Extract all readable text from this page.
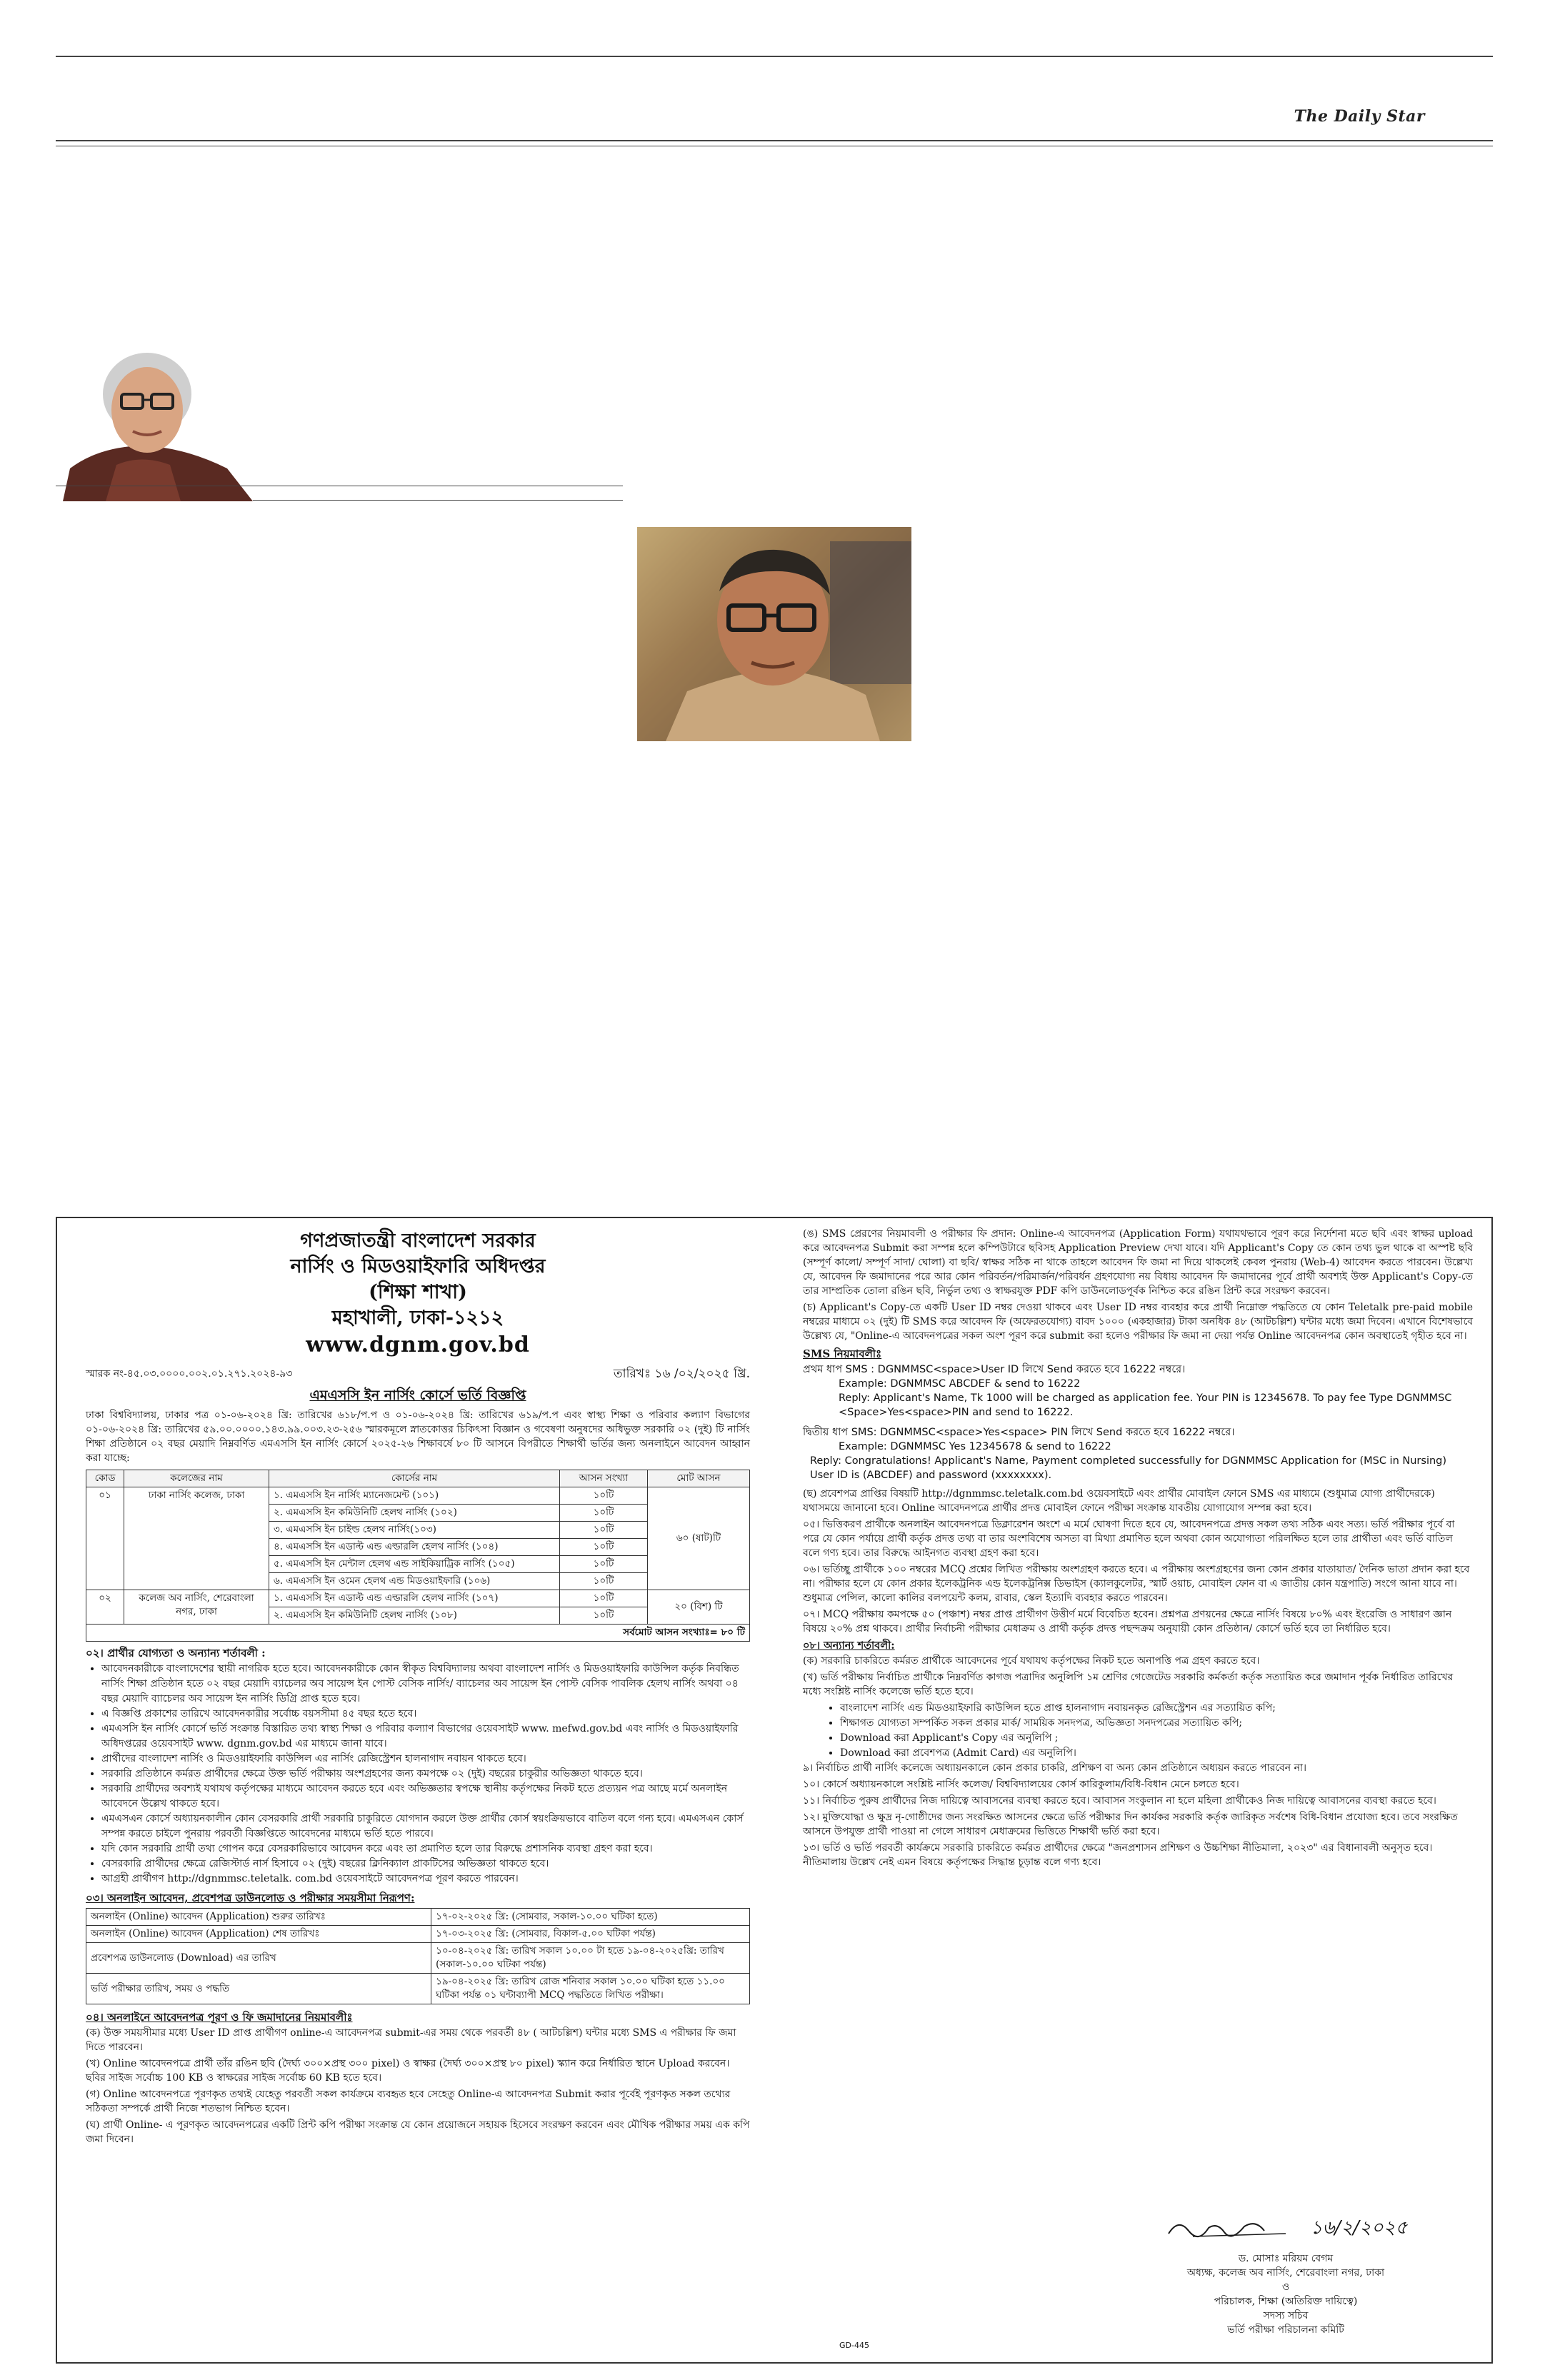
The Daily Star
গণপ্রজাতন্ত্রী বাংলাদেশ সরকার
নার্সিং ও মিডওয়াইফারি অধিদপ্তর
(শিক্ষা শাখা)
মহাখালী, ঢাকা-১২১২
www.dgnm.gov.bd
স্মারক নং-৪৫.০৩.০০০০.০০২.০১.২৭১.২০২৪-৯৩	তারিখঃ ১৬ /০২/২০২৫ খ্রি.
এমএসসি ইন নার্সিং কোর্সে ভর্তি বিজ্ঞপ্তি
ঢাকা বিশ্ববিদ্যালয়, ঢাকার পত্র ০১-০৬-২০২৪ খ্রি: তারিখের ৬১৮/প.প ও ০১-০৬-২০২৪ খ্রি: তারিখের ৬১৯/প.প এবং স্বাস্থ্য শিক্ষা ও পরিবার কল্যাণ বিভাগের ০১-০৬-২০২৪ খ্রি: তারিখের ৫৯.০০.০০০০.১৪৩.৯৯.০০৩.২৩-২৫৬ স্মারকমূলে স্নাতকোত্তর চিকিৎসা বিজ্ঞান ও গবেষণা অনুষদের অধিভুক্ত সরকারি ০২ (দুই) টি নার্সিং শিক্ষা প্রতিষ্ঠানে ০২ বছর মেয়াদি নিম্নবর্ণিত এমএসসি ইন নার্সিং কোর্সে ২০২৫-২৬ শিক্ষাবর্ষে ৮০ টি আসনে বিপরীতে শিক্ষার্থী ভর্তির জন্য অনলাইনে আবেদন আহ্বান করা যাচ্ছে:
কোড	কলেজের নাম	কোর্সের নাম	আসন সংখ্যা	মোট আসন
০১	ঢাকা নার্সিং কলেজ, ঢাকা	১. এমএসসি ইন নার্সিং ম্যানেজমেন্ট (১০১)	১০টি	৬০ (ষাট)টি
		২. এমএসসি ইন কমিউনিটি হেলথ নার্সিং (১০২)	১০টি	
		৩. এমএসসি ইন চাইল্ড হেলথ নার্সিং(১০৩)	১০টি	
		৪. এমএসসি ইন এডাল্ট এন্ড এল্ডারলি হেলথ নার্সিং (১০৪)	১০টি	
		৫. এমএসসি ইন মেন্টাল হেলথ এন্ড সাইকিয়াট্রিক নার্সিং (১০৫)	১০টি	
		৬. এমএসসি ইন ওমেন হেলথ এন্ড মিডওয়াইফারি (১০৬)	১০টি	
০২	কলেজ অব নার্সিং, শেরেবাংলা নগর, ঢাকা	১. এমএসসি ইন এডাল্ট এন্ড এল্ডারলি হেলথ নার্সিং (১০৭)	১০টি	২০ (বিশ) টি
		২. এমএসসি ইন কমিউনিটি হেলথ নার্সিং (১০৮)	১০টি	
সর্বমোট আসন সংখ্যাঃ= ৮০ টি				
০২। প্রার্থীর যোগ্যতা ও অন্যান্য শর্তাবলী :
• আবেদনকারীকে বাংলাদেশের স্থায়ী নাগরিক হতে হবে। আবেদনকারীকে কোন স্বীকৃত বিশ্ববিদ্যালয় অথবা বাংলাদেশ নার্সিং ও মিডওয়াইফারি কাউন্সিল কর্তৃক নিবন্ধিত নার্সিং শিক্ষা প্রতিষ্ঠান হতে ০২ বছর মেয়াদি ব্যাচেলর অব সায়েন্স ইন পোস্ট বেসিক নার্সিং/ ব্যাচেলর অব সায়েন্স ইন পোস্ট বেসিক পাবলিক হেলথ নার্সিং অথবা ০৪ বছর মেয়াদি ব্যাচেলর অব সায়েন্স ইন নার্সিং ডিগ্রি প্রাপ্ত হতে হবে।
• এ বিজ্ঞপ্তি প্রকাশের তারিখে আবেদনকারীর সর্বোচ্চ বয়সসীমা ৪৫ বছর হতে হবে।
• এমএসসি ইন নার্সিং কোর্সে ভর্তি সংক্রান্ত বিস্তারিত তথ্য স্বাস্থ্য শিক্ষা ও পরিবার কল্যাণ বিভাগের ওয়েবসাইট www. mefwd.gov.bd এবং নার্সিং ও মিডওয়াইফারি অধিদপ্তরের ওয়েবসাইট www. dgnm.gov.bd এর মাধ্যমে জানা যাবে।
• প্রার্থীদের বাংলাদেশ নার্সিং ও মিডওয়াইফারি কাউন্সিল এর নার্সিং রেজিস্ট্রেশন হালনাগাদ নবায়ন থাকতে হবে।
• সরকারি প্রতিষ্ঠানে কর্মরত প্রার্থীদের ক্ষেত্রে উক্ত ভর্তি পরীক্ষায় অংশগ্রহণের জন্য কমপক্ষে ০২ (দুই) বছরের চাকুরীর অভিজ্ঞতা থাকতে হবে।
• সরকারি প্রার্থীদের অবশ্যই যথাযথ কর্তৃপক্ষের মাধ্যমে আবেদন করতে হবে এবং অভিজ্ঞতার স্বপক্ষে স্থানীয় কর্তৃপক্ষের নিকট হতে প্রত্যয়ন পত্র আছে মর্মে অনলাইন আবেদনে উল্লেখ থাকতে হবে।
• এমএসএন কোর্সে অধ্যায়নকালীন কোন বেসরকারি প্রার্থী সরকারি চাকুরিতে যোগদান করলে উক্ত প্রার্থীর কোর্স স্বয়ংক্রিয়ভাবে বাতিল বলে গন্য হবে। এমএসএন কোর্স সম্পন্ন করতে চাইলে পুনরায় পরবর্তী বিজ্ঞপ্তিতে আবেদনের মাধ্যমে ভর্তি হতে পারবে।
• যদি কোন সরকারি প্রার্থী তথ্য গোপন করে বেসরকারিভাবে আবেদন করে এবং তা প্রমাণিত হলে তার বিরুদ্ধে প্রশাসনিক ব্যবস্থা গ্রহণ করা হবে।
• বেসরকারি প্রার্থীদের ক্ষেত্রে রেজিস্টার্ড নার্স হিসাবে ০২ (দুই) বছরের ক্লিনিক্যাল প্রাকটিসের অভিজ্ঞতা থাকতে হবে।
• আগ্রহী প্রার্থীগণ http://dgnmmsc.teletalk. com.bd ওয়েবসাইটে আবেদনপত্র পূরণ করতে পারবেন।
০৩। অনলাইন আবেদন, প্রবেশপত্র ডাউনলোড ও পরীক্ষার সময়সীমা নিরূপণ:
অনলাইন (Online) আবেদন (Application) শুরুর তারিখঃ	১৭-০২-২০২৫ খ্রি: (সোমবার, সকাল-১০.০০ ঘটিকা হতে)
অনলাইন (Online) আবেদন (Application) শেষ তারিখঃ	১৭-০৩-২০২৫ খ্রি: (সোমবার, বিকাল-৫.০০ ঘটিকা পর্যন্ত)
প্রবেশপত্র ডাউনলোড (Download) এর তারিখ	১০-০৪-২০২৫ খ্রি: তারিখ সকাল ১০.০০ টা হতে ১৯-০৪-২০২৫খ্রি: তারিখ (সকাল-১০.০০ ঘটিকা পর্যন্ত)
ভর্তি পরীক্ষার তারিখ, সময় ও পদ্ধতি	১৯-০৪-২০২৫ খ্রি: তারিখ রোজ শনিবার সকাল ১০.০০ ঘটিকা হতে ১১.০০ ঘটিকা পর্যন্ত ০১ ঘন্টাব্যাপী MCQ পদ্ধতিতে লিখিত পরীক্ষা।
০৪। অনলাইনে আবেদনপত্র পূরণ ও ফি জমাদানের নিয়মাবলীঃ
(ক) উক্ত সময়সীমার মধ্যে User ID প্রাপ্ত প্রার্থীগণ online-এ আবেদনপত্র submit-এর সময় থেকে পরবর্তী ৪৮ ( আটচল্লিশ) ঘন্টার মধ্যে SMS এ পরীক্ষার ফি জমা দিতে পারবেন।
(খ) Online আবেদনপত্রে প্রার্থী তাঁর রঙিন ছবি (দৈর্ঘ্য ৩০০×প্রস্থ ৩০০ pixel) ও স্বাক্ষর (দৈর্ঘ্য ৩০০×প্রস্থ ৮০ pixel) স্ক্যান করে নির্ধারিত স্থানে Upload করবেন। ছবির সাইজ সর্বোচ্চ 100 KB ও স্বাক্ষরের সাইজ সর্বোচ্চ 60 KB হতে হবে।
(গ) Online আবেদনপত্রে পূরণকৃত তথ্যই যেহেতু পরবর্তী সকল কার্যক্রমে ব্যবহৃত হবে সেহেতু Online-এ আবেদনপত্র Submit করার পূর্বেই পূরণকৃত সকল তথ্যের সঠিকতা সম্পর্কে প্রার্থী নিজে শতভাগ নিশ্চিত হবেন।
(ঘ) প্রার্থী Online- এ পূরণকৃত আবেদনপত্রের একটি প্রিন্ট কপি পরীক্ষা সংক্রান্ত যে কোন প্রয়োজনে সহায়ক হিসেবে সংরক্ষণ করবেন এবং মৌখিক পরীক্ষার সময় এক কপি জমা দিবেন।
(ঙ) SMS প্রেরণের নিয়মাবলী ও পরীক্ষার ফি প্রদান: Online-এ আবেদনপত্র (Application Form) যথাযথভাবে পূরণ করে নির্দেশনা মতে ছবি এবং স্বাক্ষর upload করে আবেদনপত্র Submit করা সম্পন্ন হলে কম্পিউটারে ছবিসহ Application Preview দেখা যাবে। যদি Applicant's Copy তে কোন তথ্য ভুল থাকে বা অস্পষ্ট ছবি (সম্পূর্ণ কালো/ সম্পূর্ণ সাদা/ ঘোলা) বা ছবি/ স্বাক্ষর সঠিক না থাকে তাহলে আবেদন ফি জমা না দিয়ে থাকলেই কেবল পুনরায় (Web-4) আবেদন করতে পারবেন। উল্লেখ্য যে, আবেদন ফি জমাদানের পরে আর কোন পরিবর্তন/পরিমার্জন/পরিবর্ধন গ্রহণযোগ্য নয় বিধায় আবেদন ফি জমাদানের পূর্বে প্রার্থী অবশ্যই উক্ত Applicant's Copy-তে তার সাম্প্রতিক তোলা রঙিন ছবি, নির্ভুল তথ্য ও স্বাক্ষরযুক্ত PDF কপি ডাউনলোডপূর্বক নিশ্চিত করে রঙিন প্রিন্ট করে সংরক্ষণ করবেন।
(চ) Applicant's Copy-তে একটি User ID নম্বর দেওয়া থাকবে এবং User ID নম্বর ব্যবহার করে প্রার্থী নিম্নোক্ত পদ্ধতিতে যে কোন Teletalk pre-paid mobile নম্বরের মাধ্যমে ০২ (দুই) টি SMS করে আবেদন ফি (অফেরতযোগ্য) বাবদ ১০০০ (একহাজার) টাকা অনধিক ৪৮ (আটচল্লিশ) ঘন্টার মধ্যে জমা দিবেন। এখানে বিশেষভাবে উল্লেখ্য যে, "Online-এ আবেদনপত্রের সকল অংশ পূরণ করে submit করা হলেও পরীক্ষার ফি জমা না দেয়া পর্যন্ত Online আবেদনপত্র কোন অবস্থাতেই গৃহীত হবে না।
SMS নিয়মাবলীঃ
প্রথম ধাপ SMS : DGNMMSC<space>User ID লিখে Send করতে হবে 16222 নম্বরে।
Example: DGNMMSC ABCDEF & send to 16222
Reply: Applicant's Name, Tk 1000 will be charged as application fee. Your PIN is 12345678. To pay fee Type DGNMMSC <Space>Yes<space>PIN and send to 16222.
দ্বিতীয় ধাপ SMS: DGNMMSC<space>Yes<space> PIN লিখে Send করতে হবে 16222 নম্বরে।
Example: DGNMMSC Yes 12345678 & send to 16222
Reply: Congratulations! Applicant's Name, Payment completed successfully for DGNMMSC Application for (MSC in Nursing) User ID is (ABCDEF) and password (xxxxxxxx).
(ছ) প্রবেশপত্র প্রাপ্তির বিষয়টি http://dgnmmsc.teletalk.com.bd ওয়েবসাইটে এবং প্রার্থীর মোবাইল ফোনে SMS এর মাধ্যমে (শুধুমাত্র যোগ্য প্রার্থীদেরকে) যথাসময়ে জানানো হবে। Online আবেদনপত্রে প্রার্থীর প্রদত্ত মোবাইল ফোনে পরীক্ষা সংক্রান্ত যাবতীয় যোগাযোগ সম্পন্ন করা হবে।
০৫। ভিত্তিকরণ প্রার্থীকে অনলাইন আবেদনপত্রে ডিক্লারেশন অংশে এ মর্মে ঘোষণা দিতে হবে যে, আবেদনপত্রে প্রদত্ত সকল তথ্য সঠিক এবং সত্য। ভর্তি পরীক্ষার পূর্বে বা পরে যে কোন পর্যায়ে প্রার্থী কর্তৃক প্রদত্ত তথ্য বা তার অংশবিশেষ অসত্য বা মিথ্যা প্রমাণিত হলে অথবা কোন অযোগ্যতা পরিলক্ষিত হলে তার প্রার্থীতা এবং ভর্তি বাতিল বলে গণ্য হবে। তার বিরুদ্ধে আইনগত ব্যবস্থা গ্রহণ করা হবে।
০৬। ভর্তিচ্ছু প্রার্থীকে ১০০ নম্বরের MCQ প্রশ্নের লিখিত পরীক্ষায় অংশগ্রহণ করতে হবে। এ পরীক্ষায় অংশগ্রহণের জন্য কোন প্রকার যাতায়াত/ দৈনিক ভাতা প্রদান করা হবে না। পরীক্ষার হলে যে কোন প্রকার ইলেকট্রনিক এন্ড ইলেকট্রনিক্স ডিভাইস (ক্যালকুলেটর, স্মার্ট ওয়াচ, মোবাইল ফোন বা এ জাতীয় কোন যন্ত্রপাতি) সংগে আনা যাবে না। শুধুমাত্র পেন্সিল, কালো কালির বলপয়েন্ট কলম, রাবার, স্কেল ইত্যাদি ব্যবহার করতে পারবেন।
০৭। MCQ পরীক্ষায় কমপক্ষে ৫০ (পঞ্চাশ) নম্বর প্রাপ্ত প্রার্থীগণ উত্তীর্ণ মর্মে বিবেচিত হবেন। প্রশ্নপত্র প্রণয়নের ক্ষেত্রে নার্সিং বিষয়ে ৮০% এবং ইংরেজি ও সাধারণ জ্ঞান বিষয়ে ২০% প্রশ্ন থাকবে। প্রার্থীর নির্বাচনী পরীক্ষার মেধাক্রম ও প্রার্থী কর্তৃক প্রদত্ত পছন্দক্রম অনুযায়ী কোন প্রতিষ্ঠান/ কোর্সে ভর্তি হবে তা নির্ধারিত হবে।
০৮। অন্যান্য শর্তাবলী:
(ক) সরকারি চাকরিতে কর্মরত প্রার্থীকে আবেদনের পূর্বে যথাযথ কর্তৃপক্ষের নিকট হতে অনাপত্তি পত্র গ্রহণ করতে হবে।
(খ) ভর্তি পরীক্ষায় নির্বাচিত প্রার্থীকে নিম্নবর্ণিত কাগজ পত্রাদির অনুলিপি ১ম শ্রেণির গেজেটেড সরকারি কর্মকর্তা কর্তৃক সত্যায়িত করে জমাদান পূর্বক নির্ধারিত তারিখের মধ্যে সংশ্লিষ্ট নার্সিং কলেজে ভর্তি হতে হবে।
• বাংলাদেশ নার্সিং এন্ড মিডওয়াইফারি কাউন্সিল হতে প্রাপ্ত হালনাগাদ নবায়নকৃত রেজিস্ট্রেশন এর সত্যায়িত কপি;
• শিক্ষাগত যোগ্যতা সম্পর্কিত সকল প্রকার মার্ক/ সাময়িক সনদপত্র, অভিজ্ঞতা সনদপত্রের সত্যায়িত কপি;
• Download করা Applicant's Copy এর অনুলিপি ;
• Download করা প্রবেশপত্র (Admit Card) এর অনুলিপি।
৯। নির্বাচিত প্রার্থী নার্সিং কলেজে অধ্যায়নকালে কোন প্রকার চাকরি, প্রশিক্ষণ বা অন্য কোন প্রতিষ্ঠানে অধ্যয়ন করতে পারবেন না।
১০। কোর্সে অধ্যায়নকালে সংশ্লিষ্ট নার্সিং কলেজ/ বিশ্ববিদ্যালয়ের কোর্স কারিকুলাম/বিধি-বিধান মেনে চলতে হবে।
১১। নির্বাচিত পুরুষ প্রার্থীদের নিজ দায়িত্বে আবাসনের ব্যবস্থা করতে হবে। আবাসন সংকুলান না হলে মহিলা প্রার্থীকেও নিজ দায়িত্বে আবাসনের ব্যবস্থা করতে হবে।
১২। মুক্তিযোদ্ধা ও ক্ষুদ্র নৃ-গোষ্ঠীদের জন্য সংরক্ষিত আসনের ক্ষেত্রে ভর্তি পরীক্ষার দিন কার্যকর সরকারি কর্তৃক জারিকৃত সর্বশেষ বিধি-বিধান প্রযোজ্য হবে। তবে সংরক্ষিত আসনে উপযুক্ত প্রার্থী পাওয়া না গেলে সাধারণ মেধাক্রমের ভিত্তিতে শিক্ষার্থী ভর্তি করা হবে।
১৩। ভর্তি ও ভর্তি পরবর্তী কার্যক্রমে সরকারি চাকরিতে কর্মরত প্রার্থীদের ক্ষেত্রে "জনপ্রশাসন প্রশিক্ষণ ও উচ্চশিক্ষা নীতিমালা, ২০২৩" এর বিধানাবলী অনুসৃত হবে। নীতিমালায় উল্লেখ নেই এমন বিষয়ে কর্তৃপক্ষের সিদ্ধান্ত চূড়ান্ত বলে গণ্য হবে।
১৬/২/২০২৫
ড. মোসাঃ মরিয়ম বেগম
অধ্যক্ষ, কলেজ অব নার্সিং, শেরেবাংলা নগর, ঢাকা
ও
পরিচালক, শিক্ষা (অতিরিক্ত দায়িত্বে)
সদস্য সচিব
ভর্তি পরীক্ষা পরিচালনা কমিটি
GD-445
